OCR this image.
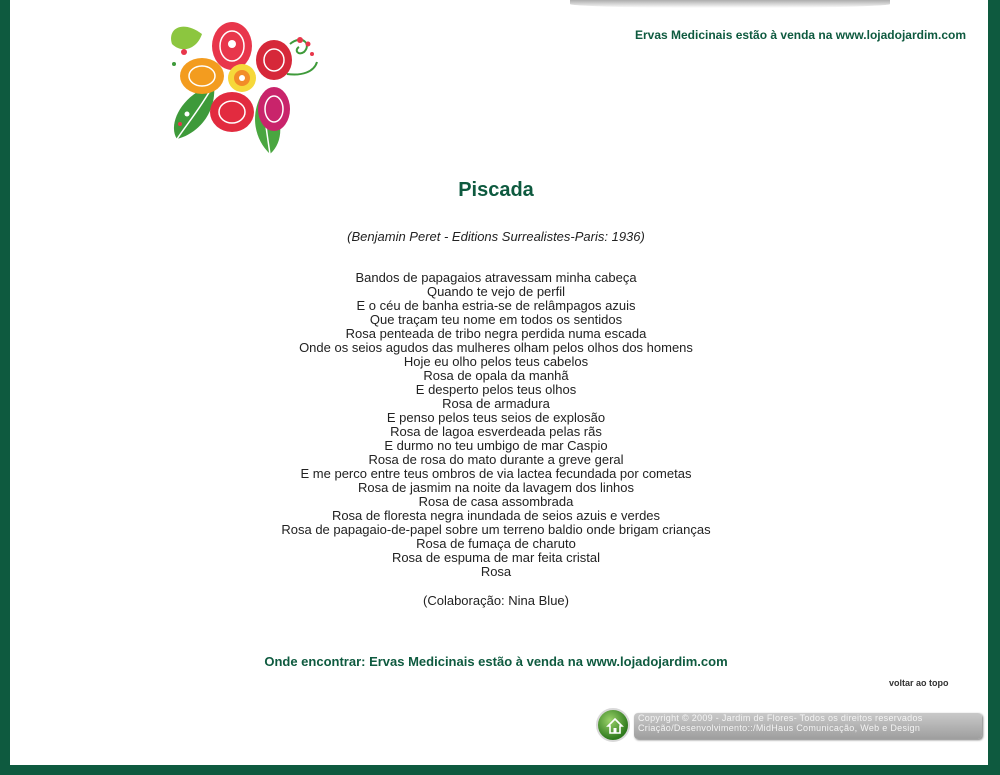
Ervas Medicinais estão à venda na www.lojadojardim.com
Piscada
(Benjamin Peret - Editions Surrealistes-Paris: 1936)
Bandos de papagaios atravessam minha cabeça
Quando te vejo de perfil
E o céu de banha estria-se de relâmpagos azuis
Que traçam teu nome em todos os sentidos
Rosa penteada de tribo negra perdida numa escada
Onde os seios agudos das mulheres olham pelos olhos dos homens
Hoje eu olho pelos teus cabelos
Rosa de opala da manhã
E desperto pelos teus olhos
Rosa de armadura
E penso pelos teus seios de explosão
Rosa de lagoa esverdeada pelas rãs
E durmo no teu umbigo de mar Caspio
Rosa de rosa do mato durante a greve geral
E me perco entre teus ombros de via lactea fecundada por cometas
Rosa de jasmim na noite da lavagem dos linhos
Rosa de casa assombrada
Rosa de floresta negra inundada de seios azuis e verdes
Rosa de papagaio-de-papel sobre um terreno baldio onde brigam crianças
Rosa de fumaça de charuto
Rosa de espuma de mar feita cristal
Rosa
(Colaboração: Nina Blue)
Onde encontrar: Ervas Medicinais estão à venda na www.lojadojardim.com
voltar ao topo
Copyright © 2009 - Jardim de Flores- Todos os direitos reservados
Criação/Desenvolvimento::/MidHaus Comunicação, Web e Design
